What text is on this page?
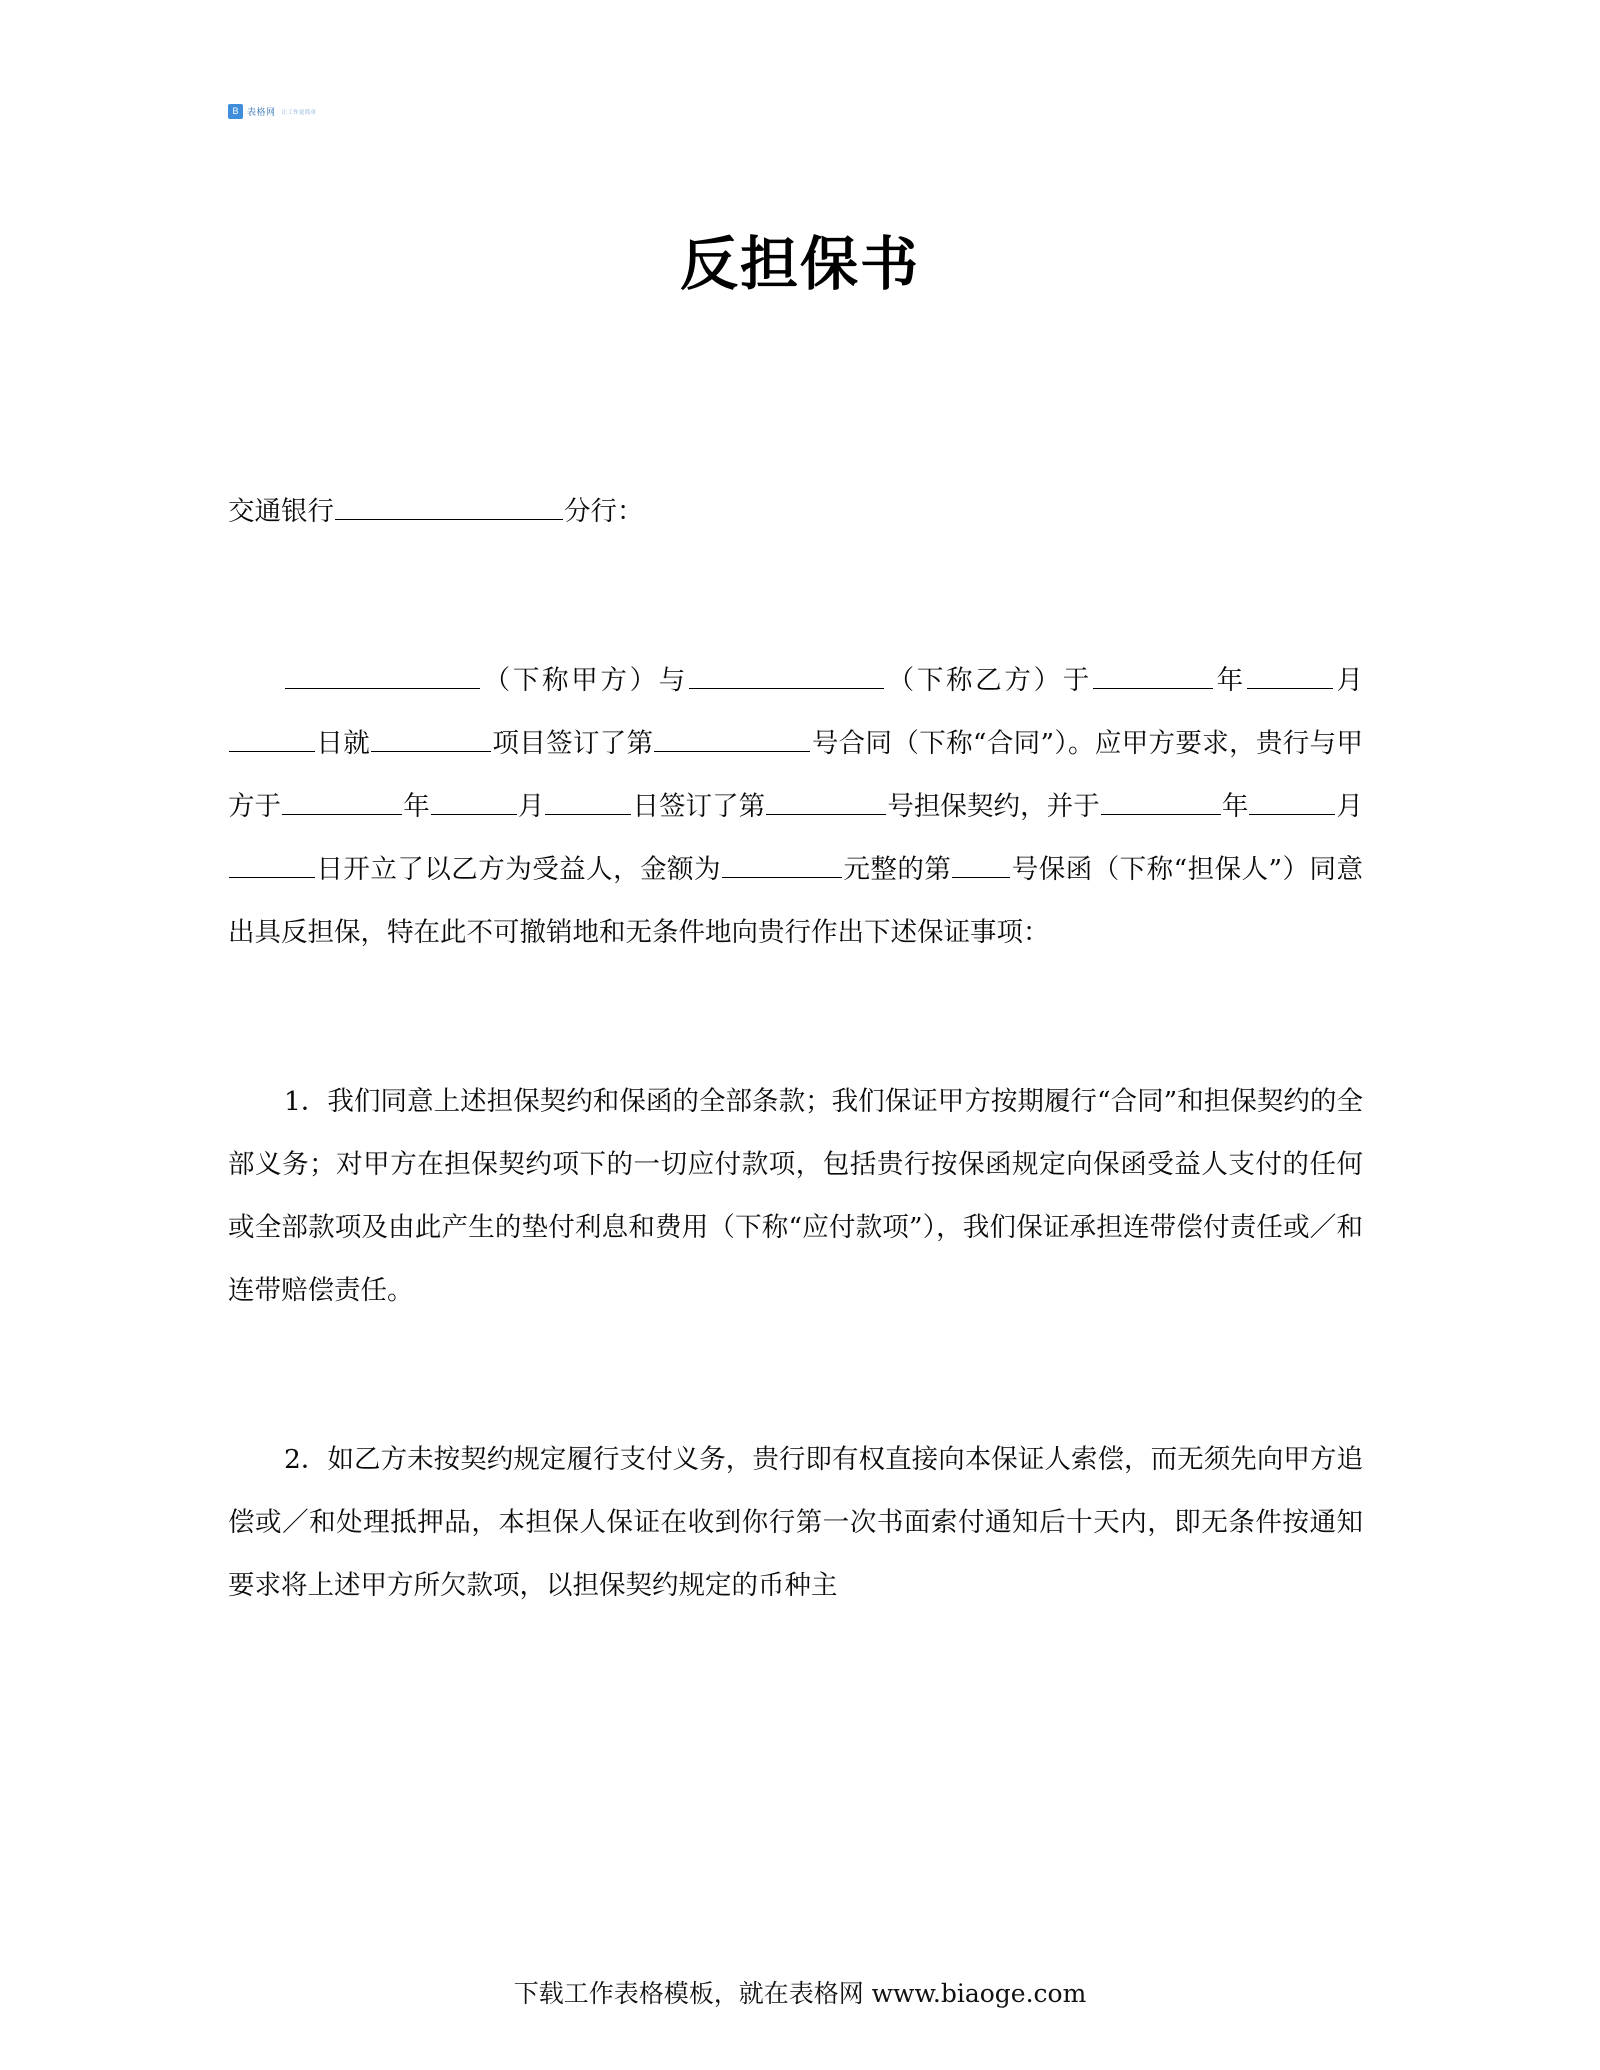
B 表格网 让工作更简单
反担保书

交通银行	分行：

（下称甲方）与	（下称乙方）于	年	月日就	项目签订了第	号合同（下称“合同”）。应甲方要求，贵行与甲方于	年	月	日签订了第	号担保契约，并于	年	月日开立了以乙方为受益人，金额为	元整的第 号保函（下称“担保人”）同意出具反担保，特在此不可撤销地和无条件地向贵行作出下述保证事项：

1．我们同意上述担保契约和保函的全部条款；我们保证甲方按期履行“合同”和担保契约的全部义务；对甲方在担保契约项下的一切应付款项，包括贵行按保函规定向保函受益人支付的任何或全部款项及由此产生的垫付利息和费用（下称“应付款项”），我们保证承担连带偿付责任或／和连带赔偿责任。

2．如乙方未按契约规定履行支付义务，贵行即有权直接向本保证人索偿，而无须先向甲方追偿或／和处理抵押品，本担保人保证在收到你行第一次书面索付通知后十天内，即无条件按通知要求将上述甲方所欠款项，以担保契约规定的币种主

下载工作表格模板，就在表格网 www.biaoge.com
